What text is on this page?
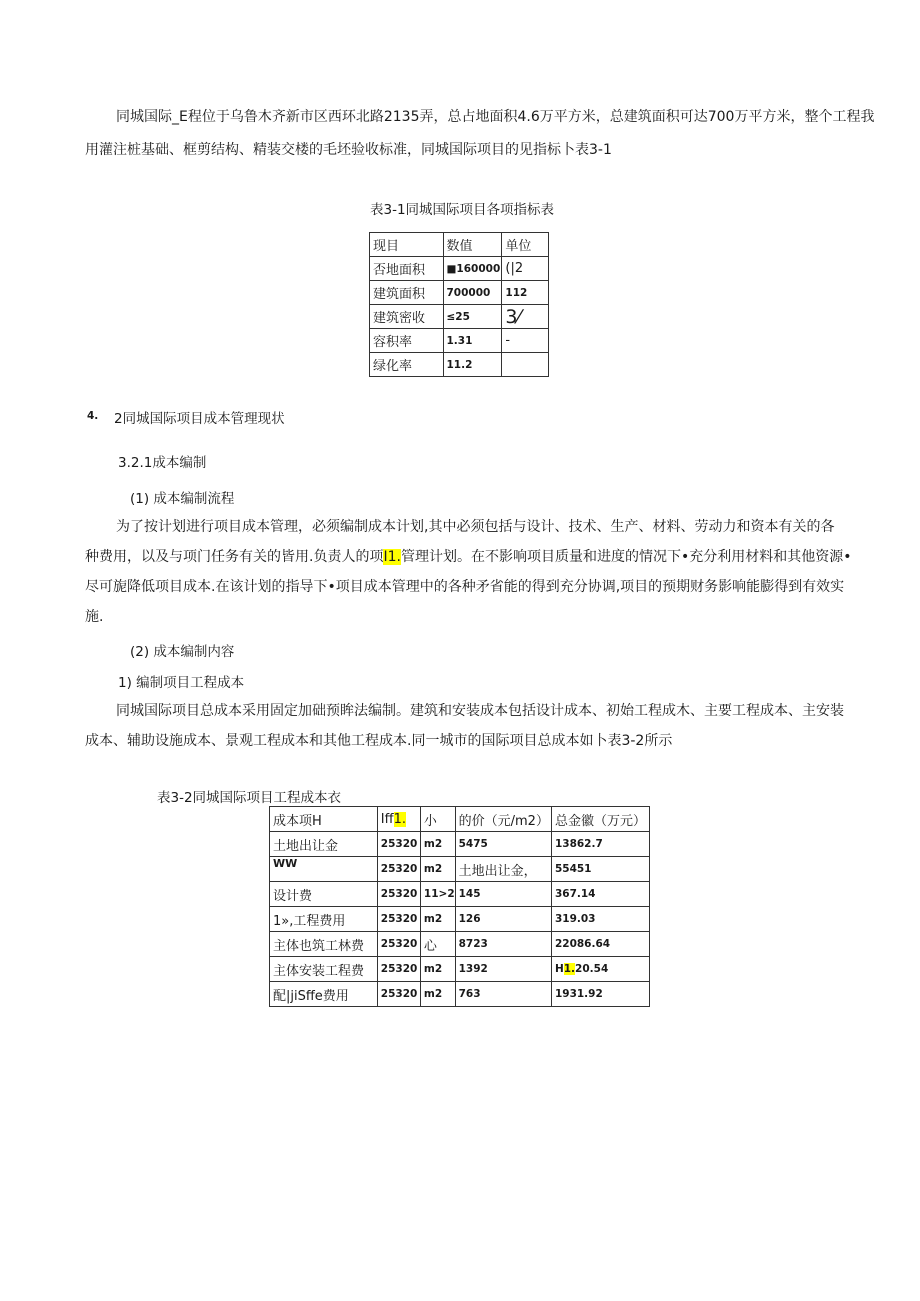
同城国际_E程位于乌鲁木齐新市区西环北路2135弄，总占地面积4.6万平方米，总建筑面积可达700万平方米，整个工程我
用灌注桩基础、框剪结构、精装交楼的毛坯验收标准，同城国际项目的见指标卜表3-1
表3-1同城国际项目各项指标表
现目	数值	单位
否地面积	■160000	(|2
建筑面积	700000	112
建筑密收	≤25	3⁄
容积率	1.31	-
绿化率	11.2	
4. 2同城国际项目成本管理现状
3.2.1成本编制
(1) 成本编制流程
为了按计划进行项目成本管理，必须编制成本计划,其中必须包括与设计、技术、生产、材料、劳动力和资本有关的各
种费用，以及与项门任务有关的皆用.负责人的项I1.管理计划。在不影响项目质量和进度的情况下•充分利用材料和其他资源•
尽可旎降低项目成本.在该计划的指导下•项目成本管理中的各种矛省能的得到充分协调,项目的预期财务影响能膨得到有效实
施.
(2) 成本编制内容
1) 编制项目工程成本
同城国际项目总成本采用固定加础预眸法编制。建筑和安装成本包括设计成本、初始工程成木、主要工程成本、主安装
成本、辅助设施成本、景观工程成本和其他工程成本.同一城市的国际项目总成本如卜表3-2所示
表3-2同城国际项目工程成本衣
成本项H	Iff1.	小	的价（元/m2）	总金徽（万元）
土地出让金	25320	m2	5475	13862.7
WW	25320	m2	土地出让金，	55451
设计费	25320	11>2	145	367.14
1»,工程费用	25320	m2	126	319.03
主体也筑工林费	25320	心	8723	22086.64
主体安装工程费	25320	m2	1392	H1.20.54
配|jiSffe费用	25320	m2	763	1931.92
